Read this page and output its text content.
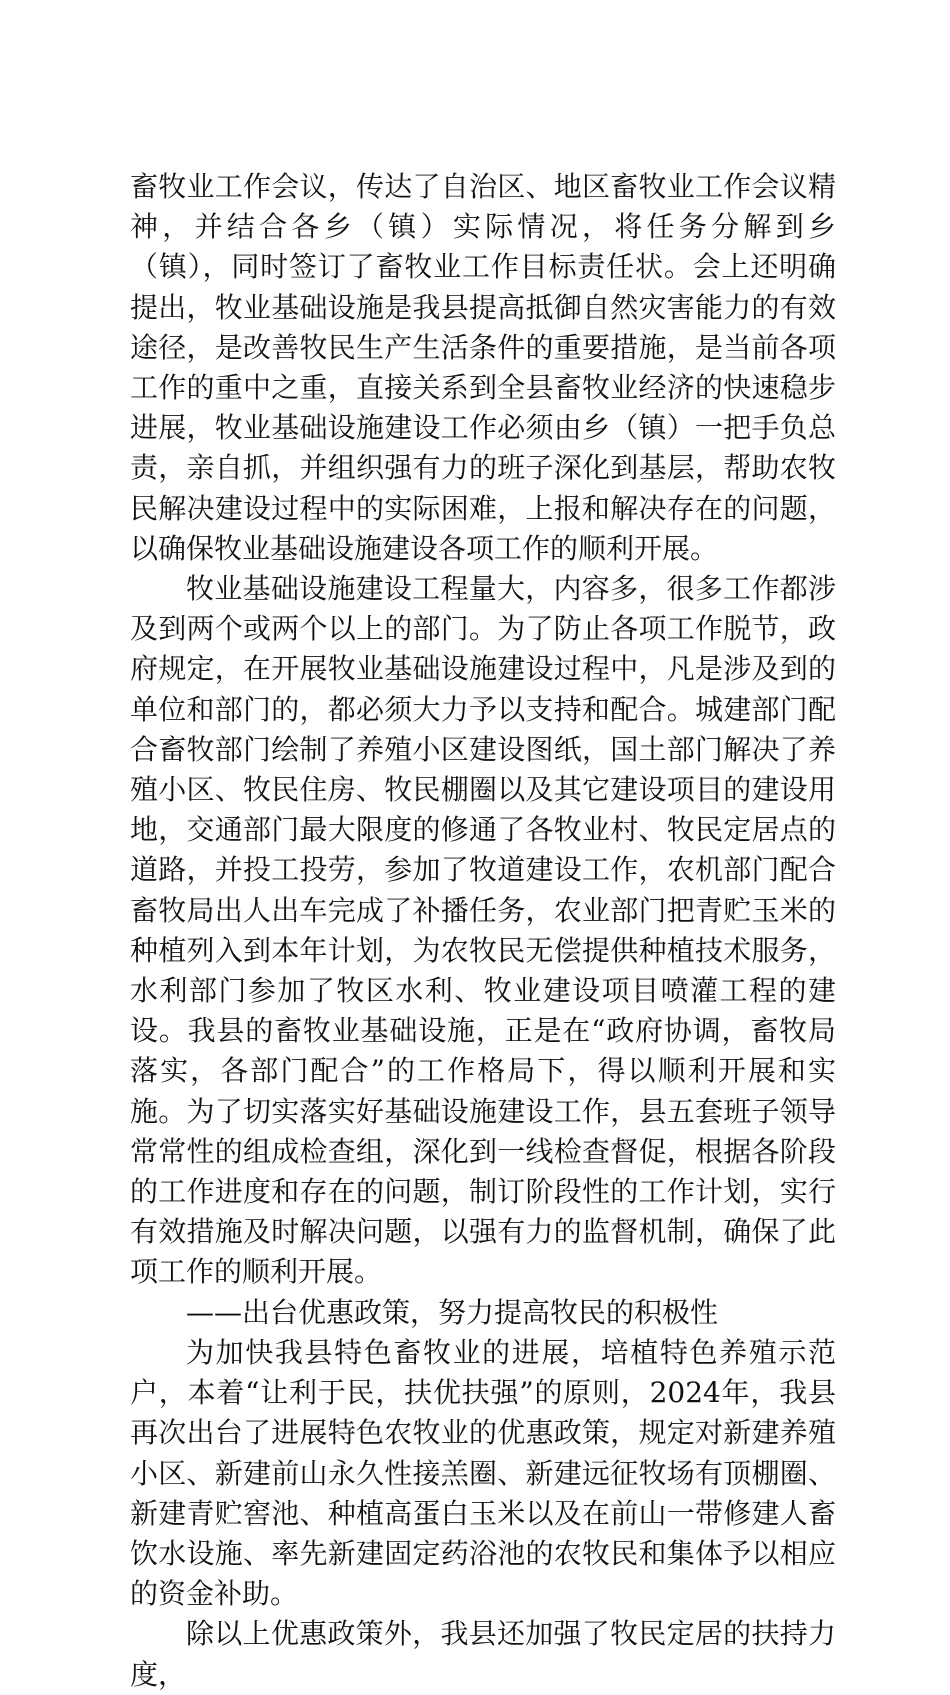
畜牧业工作会议，传达了自治区、地区畜牧业工作会议精神，并结合各乡（镇）实际情况，将任务分解到乡（镇），同时签订了畜牧业工作目标责任状。会上还明确提出，牧业基础设施是我县提高抵御自然灾害能力的有效途径，是改善牧民生产生活条件的重要措施，是当前各项工作的重中之重，直接关系到全县畜牧业经济的快速稳步进展，牧业基础设施建设工作必须由乡（镇）一把手负总责，亲自抓，并组织强有力的班子深化到基层，帮助农牧民解决建设过程中的实际困难，上报和解决存在的问题，以确保牧业基础设施建设各项工作的顺利开展。

牧业基础设施建设工程量大，内容多，很多工作都涉及到两个或两个以上的部门。为了防止各项工作脱节，政府规定，在开展牧业基础设施建设过程中，凡是涉及到的单位和部门的，都必须大力予以支持和配合。城建部门配合畜牧部门绘制了养殖小区建设图纸，国土部门解决了养殖小区、牧民住房、牧民棚圈以及其它建设项目的建设用地，交通部门最大限度的修通了各牧业村、牧民定居点的道路，并投工投劳，参加了牧道建设工作，农机部门配合畜牧局出人出车完成了补播任务，农业部门把青贮玉米的种植列入到本年计划，为农牧民无偿提供种植技术服务，水利部门参加了牧区水利、牧业建设项目喷灌工程的建设。我县的畜牧业基础设施，正是在“政府协调，畜牧局落实，各部门配合”的工作格局下，得以顺利开展和实施。为了切实落实好基础设施建设工作，县五套班子领导常常性的组成检查组，深化到一线检查督促，根据各阶段的工作进度和存在的问题，制订阶段性的工作计划，实行有效措施及时解决问题，以强有力的监督机制，确保了此项工作的顺利开展。

——出台优惠政策，努力提高牧民的积极性

为加快我县特色畜牧业的进展，培植特色养殖示范户，本着“让利于民，扶优扶强”的原则，2024年，我县再次出台了进展特色农牧业的优惠政策，规定对新建养殖小区、新建前山永久性接羔圈、新建远征牧场有顶棚圈、新建青贮窖池、种植高蛋白玉米以及在前山一带修建人畜饮水设施、率先新建固定药浴池的农牧民和集体予以相应的资金补助。

除以上优惠政策外，我县还加强了牧民定居的扶持力度，
